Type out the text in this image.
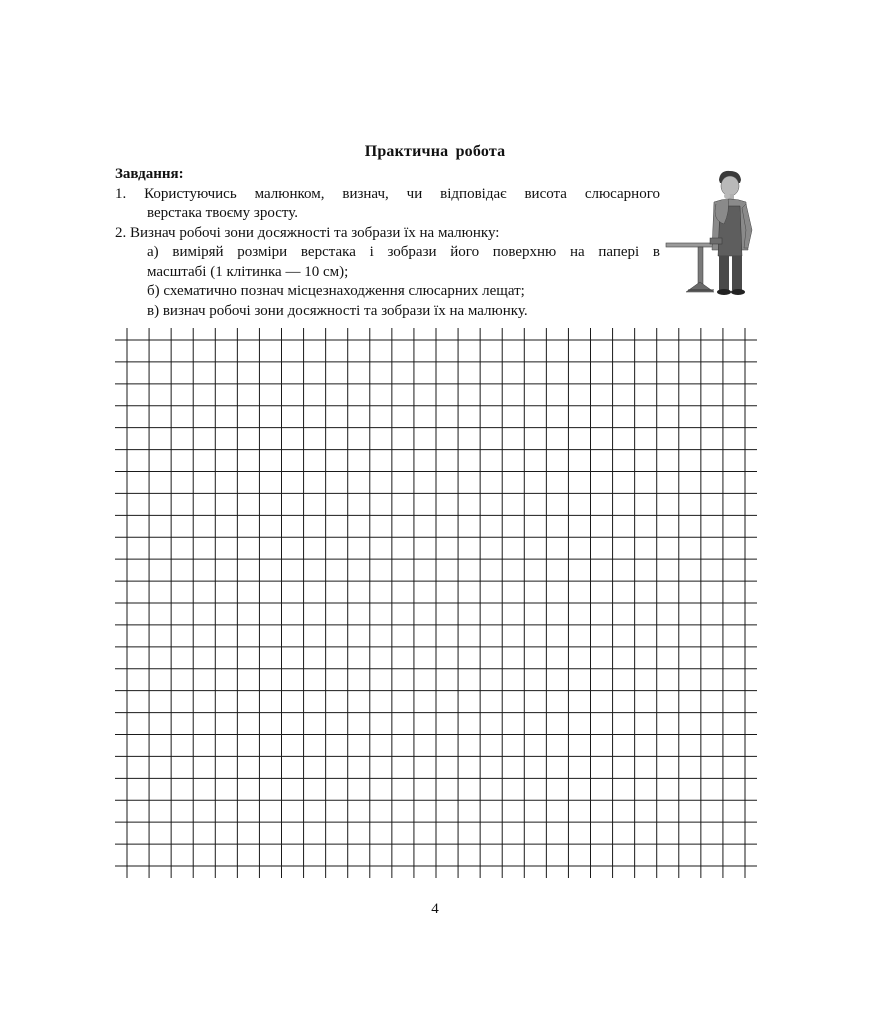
Практична робота
Завдання:
1. Користуючись малюнком, визнач, чи відповідає висота слюсарного
верстака твоєму зросту.
2. Визнач робочі зони досяжності та зобрази їх на малюнку:
а) виміряй розміри верстака і зобрази його поверхню на папері в
масштабі (1 клітинка — 10 см);
б) схематично познач місцезнаходження слюсарних лещат;
в) визнач робочі зони досяжності та зобрази їх на малюнку.
4
